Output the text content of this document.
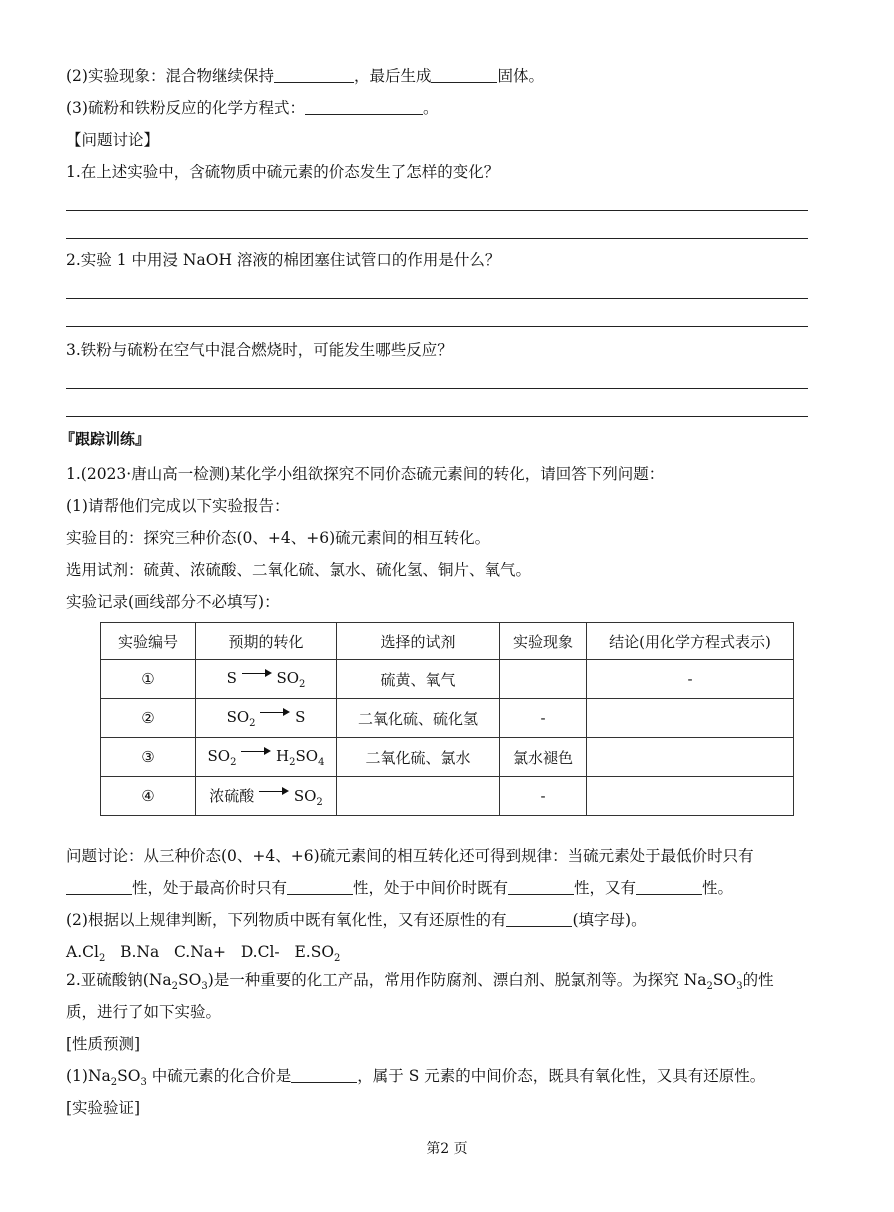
(2)实验现象：混合物继续保持	，最后生成	固体。
(3)硫粉和铁粉反应的化学方程式：	。
【问题讨论】
1.在上述实验中，含硫物质中硫元素的价态发生了怎样的变化？
2.实验 1 中用浸 NaOH 溶液的棉团塞住试管口的作用是什么？
3.铁粉与硫粉在空气中混合燃烧时，可能发生哪些反应？
『跟踪训练』
1.(2023·唐山高一检测)某化学小组欲探究不同价态硫元素间的转化，请回答下列问题：
(1)请帮他们完成以下实验报告：
实验目的：探究三种价态(0、+4、+6)硫元素间的相互转化。
选用试剂：硫黄、浓硫酸、二氧化硫、氯水、硫化氢、铜片、氧气。
实验记录(画线部分不必填写)：
实验编号	预期的转化	选择的试剂	实验现象	结论(用化学方程式表示)
①	S $SO_2$	硫黄、氧气		-
②	$SO_2$ S	二氧化硫、硫化氢	-	
③	$SO_2$ $H_2SO_4$	二氧化硫、氯水	氯水褪色	
④	浓硫酸 $SO_2$		-	
问题讨论：从三种价态(0、+4、+6)硫元素间的相互转化还可得到规律：当硫元素处于最低价时只有
性，处于最高价时只有	性，处于中间价时既有	性，又有	性。
(2)根据以上规律判断，下列物质中既有氧化性，又有还原性的有	(填字母)。
$A.Cl_2$ B.Na C.Na+ D.Cl- $E.SO_2$
2.亚硫酸钠$(Na_2SO_3)$是一种重要的化工产品，常用作防腐剂、漂白剂、脱氯剂等。为探究 $Na_2SO_3$的性
质，进行了如下实验。
[性质预测]
$(1)Na_2SO_3$ 中硫元素的化合价是	，属于 S 元素的中间价态，既具有氧化性，又具有还原性。
[实验验证]
第2 页
